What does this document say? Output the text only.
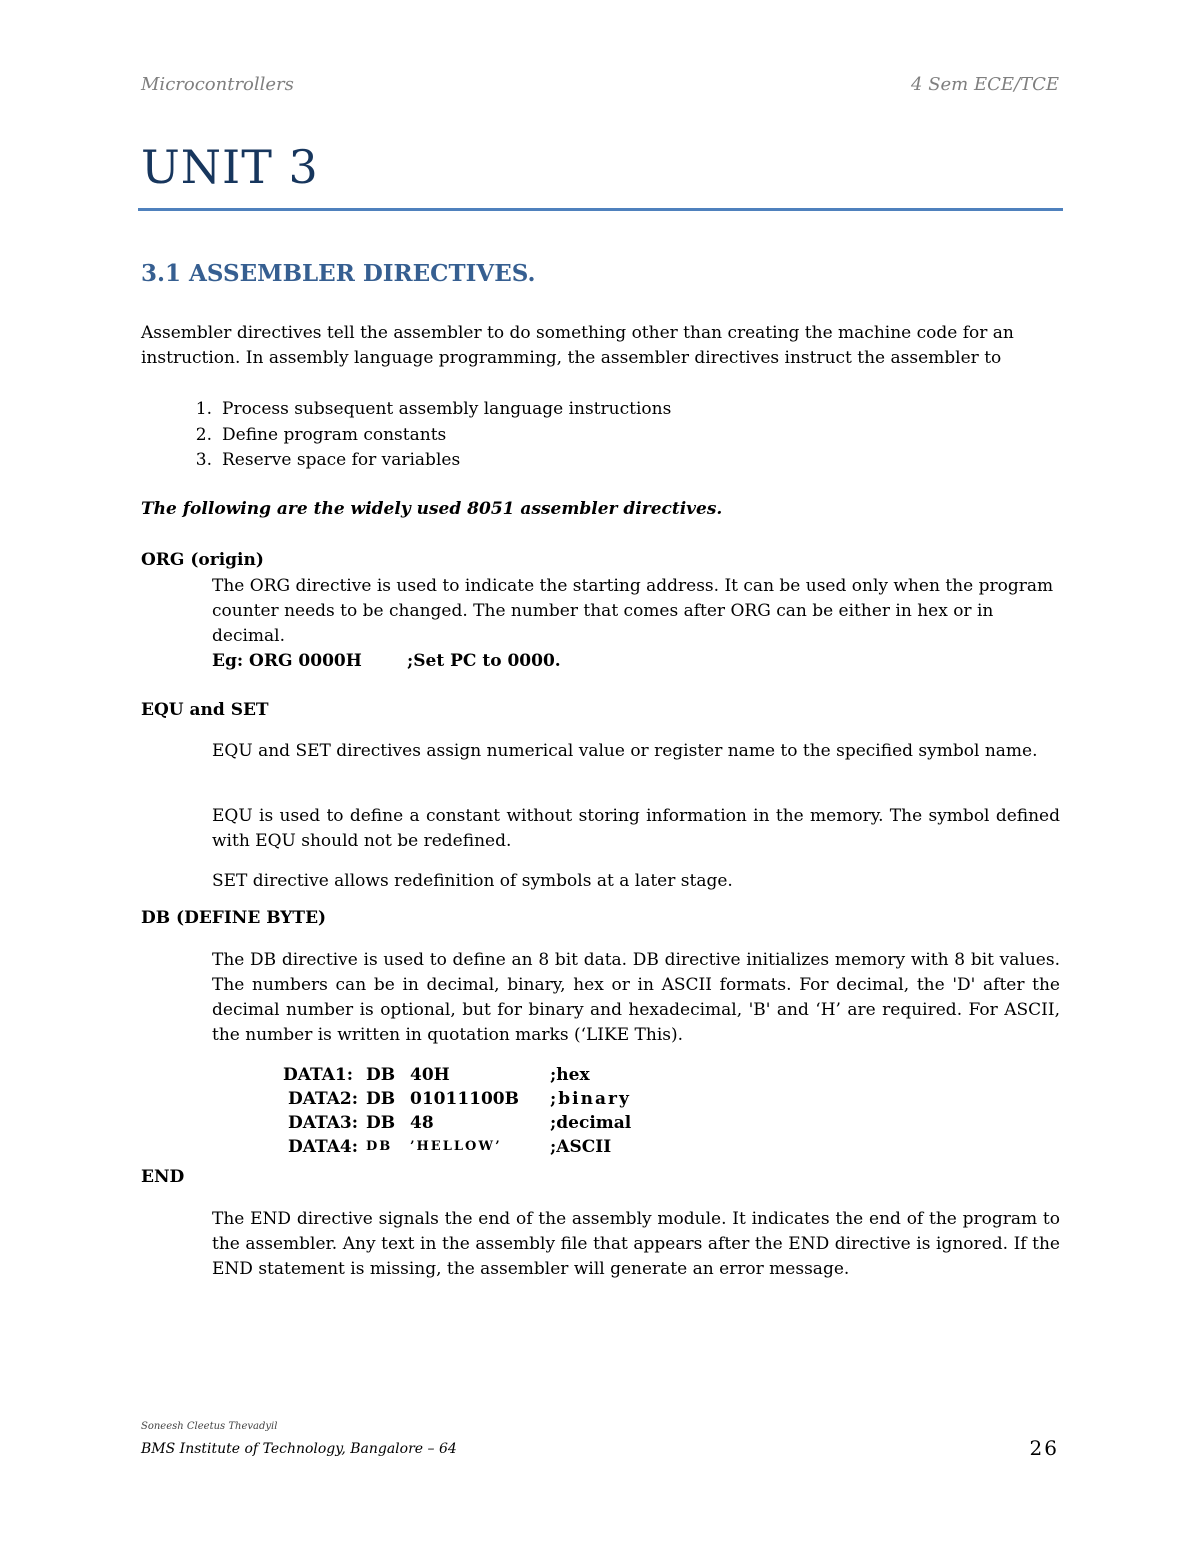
Microcontrollers	4 Sem ECE/TCE
UNIT 3
3.1 ASSEMBLER DIRECTIVES.
Assembler directives tell the assembler to do something other than creating the machine code for an instruction. In assembly language programming, the assembler directives instruct the assembler to
1. Process subsequent assembly language instructions
2. Define program constants
3. Reserve space for variables
The following are the widely used 8051 assembler directives.
ORG (origin)
The ORG directive is used to indicate the starting address. It can be used only when the program counter needs to be changed. The number that comes after ORG can be either in hex or in decimal.
Eg: ORG 0000H	;Set PC to 0000.
EQU and SET
EQU and SET directives assign numerical value or register name to the specified symbol name.
EQU is used to define a constant without storing information in the memory. The symbol defined with EQU should not be redefined.
SET directive allows redefinition of symbols at a later stage.
DB (DEFINE BYTE)
The DB directive is used to define an 8 bit data. DB directive initializes memory with 8 bit values. The numbers can be in decimal, binary, hex or in ASCII formats. For decimal, the 'D' after the decimal number is optional, but for binary and hexadecimal, 'B' and ‘H’ are required. For ASCII, the number is written in quotation marks (‘LIKE This).
DATA1: DB 40H	;hex
DATA2: DB 01011100B	;binary
DATA3: DB 48	;decimal
DATA4: DB	’HELLOW’	;ASCII
END
The END directive signals the end of the assembly module. It indicates the end of the program to the assembler. Any text in the assembly file that appears after the END directive is ignored. If the END statement is missing, the assembler will generate an error message.
Soneesh Cleetus Thevadyil
BMS Institute of Technology, Bangalore – 64	26
